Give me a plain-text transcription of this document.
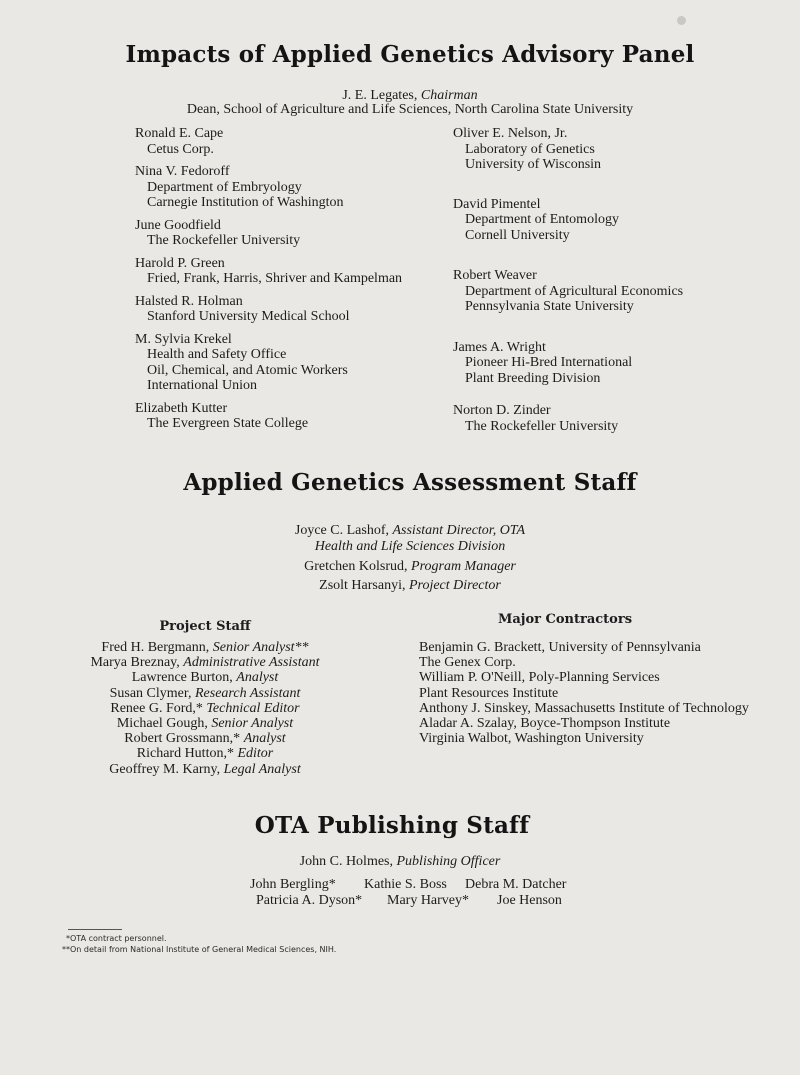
Impacts of Applied Genetics Advisory Panel
J. E. Legates, Chairman
Dean, School of Agriculture and Life Sciences, North Carolina State University
Ronald E. Cape
Cetus Corp.
Nina V. Fedoroff
Department of Embryology
Carnegie Institution of Washington
June Goodfield
The Rockefeller University
Harold P. Green
Fried, Frank, Harris, Shriver and Kampelman
Halsted R. Holman
Stanford University Medical School
M. Sylvia Krekel
Health and Safety Office
Oil, Chemical, and Atomic Workers
International Union
Elizabeth Kutter
The Evergreen State College
Oliver E. Nelson, Jr.
Laboratory of Genetics
University of Wisconsin
David Pimentel
Department of Entomology
Cornell University
Robert Weaver
Department of Agricultural Economics
Pennsylvania State University
James A. Wright
Pioneer Hi-Bred International
Plant Breeding Division
Norton D. Zinder
The Rockefeller University
Applied Genetics Assessment Staff
Joyce C. Lashof, Assistant Director, OTA
Health and Life Sciences Division
Gretchen Kolsrud, Program Manager
Zsolt Harsanyi, Project Director
Project Staff
Fred H. Bergmann, Senior Analyst**
Marya Breznay, Administrative Assistant
Lawrence Burton, Analyst
Susan Clymer, Research Assistant
Renee G. Ford,* Technical Editor
Michael Gough, Senior Analyst
Robert Grossmann,* Analyst
Richard Hutton,* Editor
Geoffrey M. Karny, Legal Analyst
Major Contractors
Benjamin G. Brackett, University of Pennsylvania
The Genex Corp.
William P. O'Neill, Poly-Planning Services
Plant Resources Institute
Anthony J. Sinskey, Massachusetts Institute of Technology
Aladar A. Szalay, Boyce-Thompson Institute
Virginia Walbot, Washington University
OTA Publishing Staff
John C. Holmes, Publishing Officer
John Bergling* Kathie S. Boss Debra M. Datcher
Patricia A. Dyson* Mary Harvey* Joe Henson
*OTA contract personnel.
**On detail from National Institute of General Medical Sciences, NIH.
